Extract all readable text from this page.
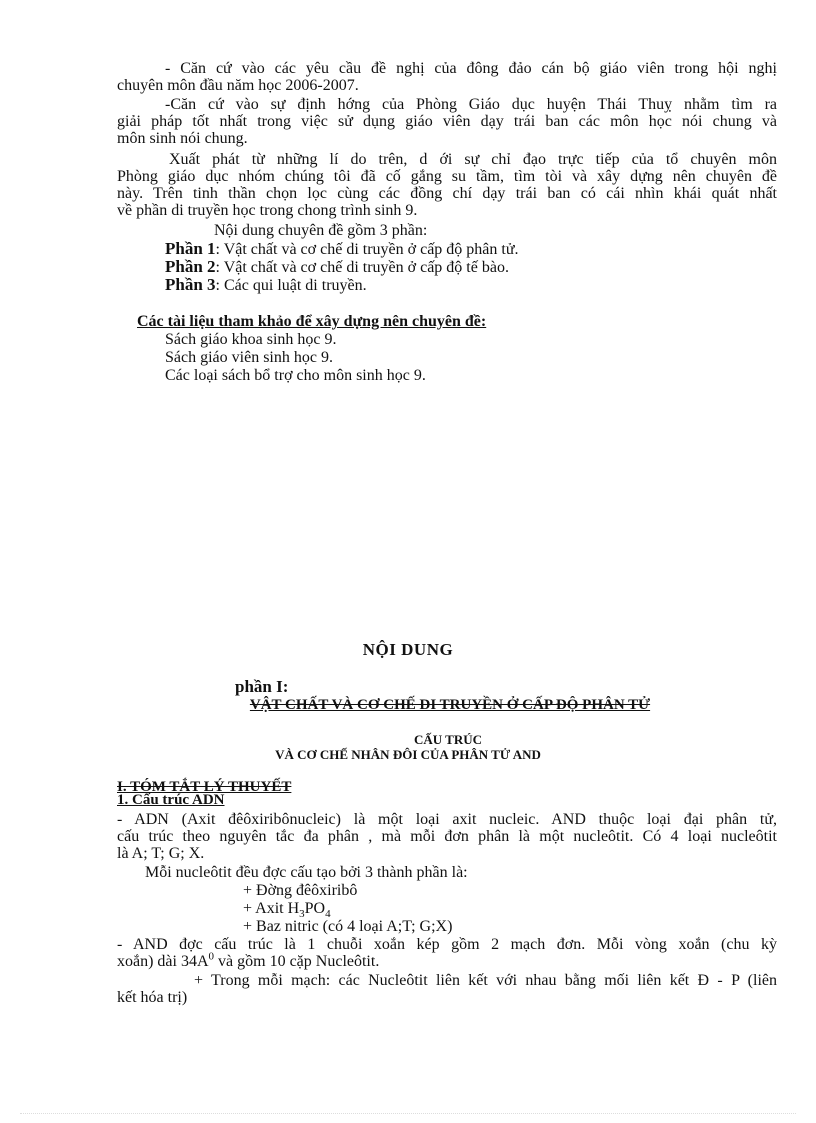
- Căn cứ vào các yêu cầu đề nghị của đông đảo cán bộ giáo viên trong hội nghị
chuyên môn đầu năm học 2006-2007.
-Căn cứ vào sự định hớng của Phòng Giáo dục huyện Thái Thuỵ nhằm tìm ra
giải pháp tốt nhất trong việc sử dụng giáo viên dạy trái ban các môn học nói chung và
môn sinh nói chung.
Xuất phát từ những lí do trên, d ới sự chỉ đạo trực tiếp của tổ chuyên môn
Phòng giáo dục nhóm chúng tôi đã cố gắng su tầm, tìm tòi và xây dựng nên chuyên đề
này. Trên tinh thần chọn lọc cùng các đồng chí dạy trái ban có cái nhìn khái quát nhất
về phần di truyền học trong chong trình sinh 9.
Nội dung chuyên đề gồm 3 phần:
Phần 1: Vật chất và cơ chế di truyền ở cấp độ phân tử.
Phần 2: Vật chất và cơ chế di truyền ở cấp độ tế bào.
Phần 3: Các qui luật di truyền.
Các tài liệu tham khảo để xây dựng nên chuyên đề:
Sách giáo khoa sinh học 9.
Sách giáo viên sinh học 9.
Các loại sách bổ trợ cho môn sinh học 9.
NỘI DUNG
phần I:
VẬT CHẤT VÀ CƠ CHẾ DI TRUYỀN Ở CẤP ĐỘ PHÂN TỬ
CẤU TRÚC
VÀ CƠ CHẾ NHÂN ĐÔI CỦA PHÂN TỬ AND
I. TÓM TẮT LÝ THUYẾT
1. Cấu trúc ADN
- ADN (Axit đêôxiribônucleic) là một loại axit nucleic. AND thuộc loại đại phân tử,
cấu trúc theo nguyên tắc đa phân , mà mỗi đơn phân là một nucleôtit. Có 4 loại nucleôtit
là A; T; G; X.
Mỗi nucleôtit đều đợc cấu tạo bởi 3 thành phần là:
+ Đờng đêôxiribô
+ Axit $H_3PO_4$
+ Baz nitric (có 4 loại A;T; G;X)
- AND đợc cấu trúc là 1 chuỗi xoắn kép gồm 2 mạch đơn. Mỗi vòng xoắn (chu kỳ
xoắn) dài $34A^0$ và gồm 10 cặp Nucleôtit.
+ Trong mỗi mạch: các Nucleôtit liên kết với nhau bằng mối liên kết Đ - P (liên
kết hóa trị)
